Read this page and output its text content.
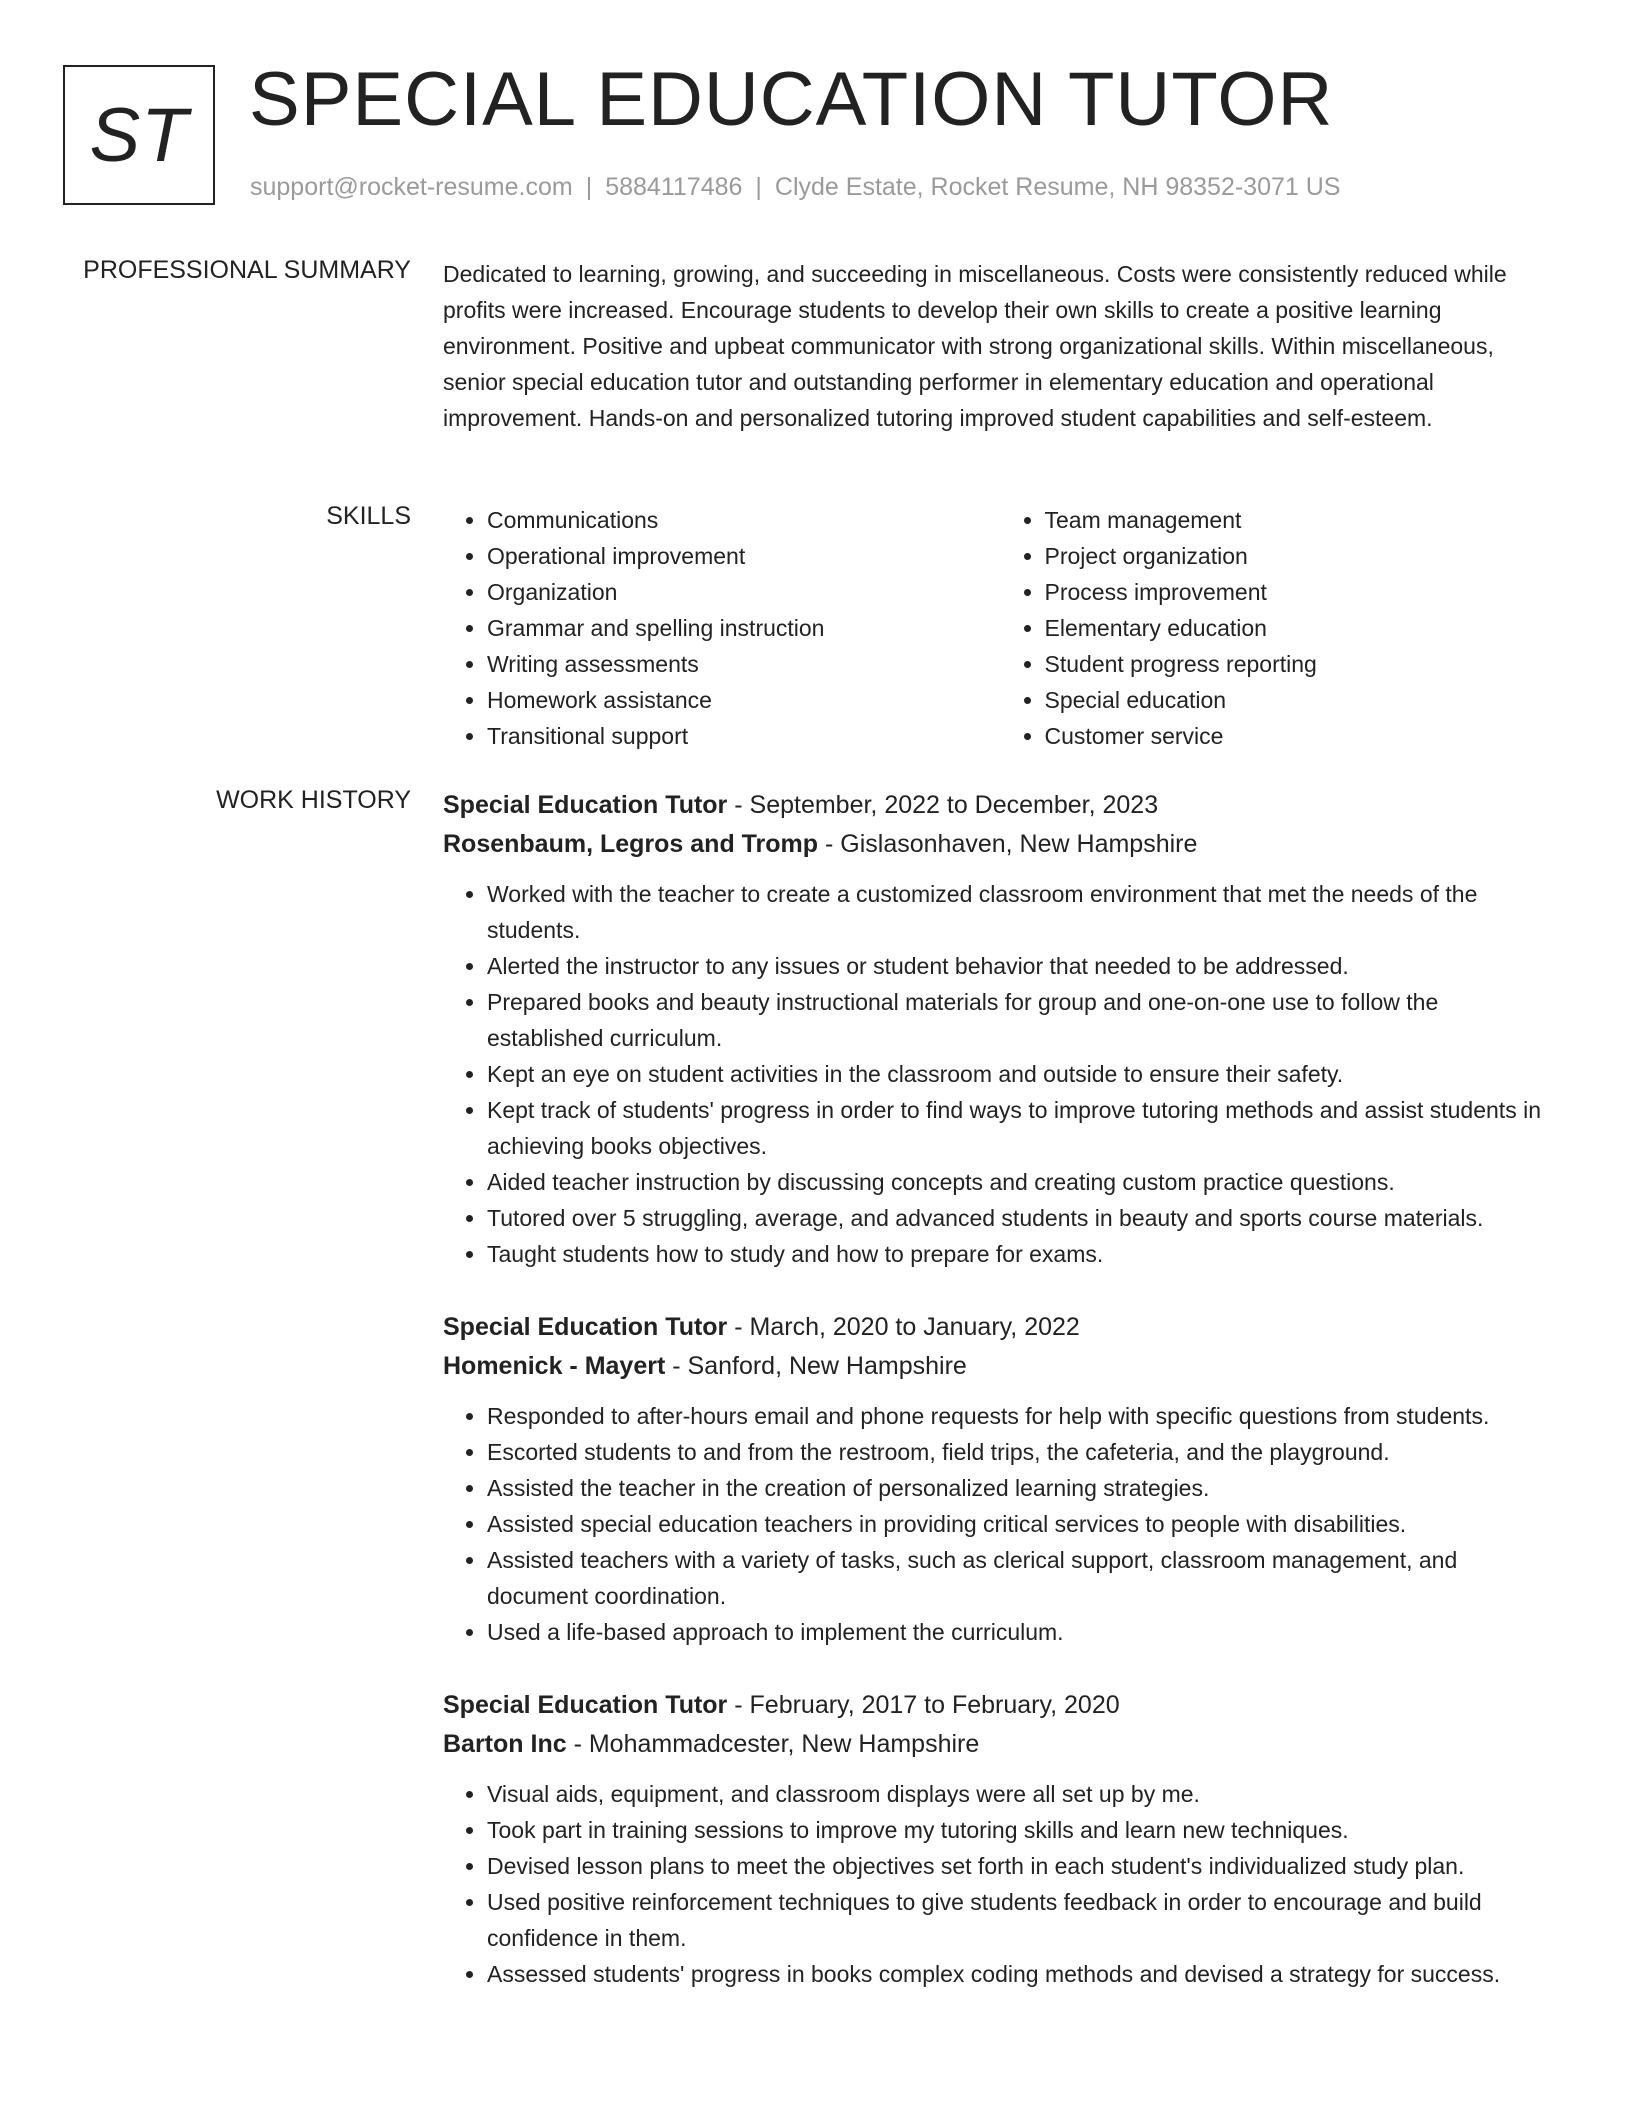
ST SPECIAL EDUCATION TUTOR
support@rocket-resume.com | 5884117486 | Clyde Estate, Rocket Resume, NH 98352-3071 US
PROFESSIONAL SUMMARY Dedicated to learning, growing, and succeeding in miscellaneous. Costs were consistently reduced while profits were increased. Encourage students to develop their own skills to create a positive learning environment. Positive and upbeat communicator with strong organizational skills. Within miscellaneous, senior special education tutor and outstanding performer in elementary education and operational improvement. Hands-on and personalized tutoring improved student capabilities and self-esteem.

SKILLS
•	Communications
• Operational improvement
• Organization
• Grammar and spelling instruction
• Writing assessments
• Homework assistance
• Transitional support
• Team management
• Project organization
• Process improvement
• Elementary education
• Student progress reporting
• Special education
• Customer service
WORK HISTORY Special Education Tutor - September, 2022 to December, 2023
Rosenbaum, Legros and Tromp - Gislasonhaven, New Hampshire
• Worked with the teacher to create a customized classroom environment that met the needs of the students.
• Alerted the instructor to any issues or student behavior that needed to be addressed.
• Prepared books and beauty instructional materials for group and one-on-one use to follow the established curriculum.
• Kept an eye on student activities in the classroom and outside to ensure their safety.
• Kept track of students' progress in order to find ways to improve tutoring methods and assist students in achieving books objectives.
• Aided teacher instruction by discussing concepts and creating custom practice questions.
• Tutored over 5 struggling, average, and advanced students in beauty and sports course materials.
• Taught students how to study and how to prepare for exams.
Special Education Tutor - March, 2020 to January, 2022
Homenick - Mayert - Sanford, New Hampshire
• Responded to after-hours email and phone requests for help with specific questions from students.
• Escorted students to and from the restroom, field trips, the cafeteria, and the playground.
• Assisted the teacher in the creation of personalized learning strategies.
• Assisted special education teachers in providing critical services to people with disabilities.
• Assisted teachers with a variety of tasks, such as clerical support, classroom management, and document coordination.
• Used a life-based approach to implement the curriculum.
Special Education Tutor - February, 2017 to February, 2020
Barton Inc - Mohammadcester, New Hampshire
• Visual aids, equipment, and classroom displays were all set up by me.
• Took part in training sessions to improve my tutoring skills and learn new techniques.
• Devised lesson plans to meet the objectives set forth in each student's individualized study plan.
• Used positive reinforcement techniques to give students feedback in order to encourage and build confidence in them.
• Assessed students' progress in books complex coding methods and devised a strategy for success.
